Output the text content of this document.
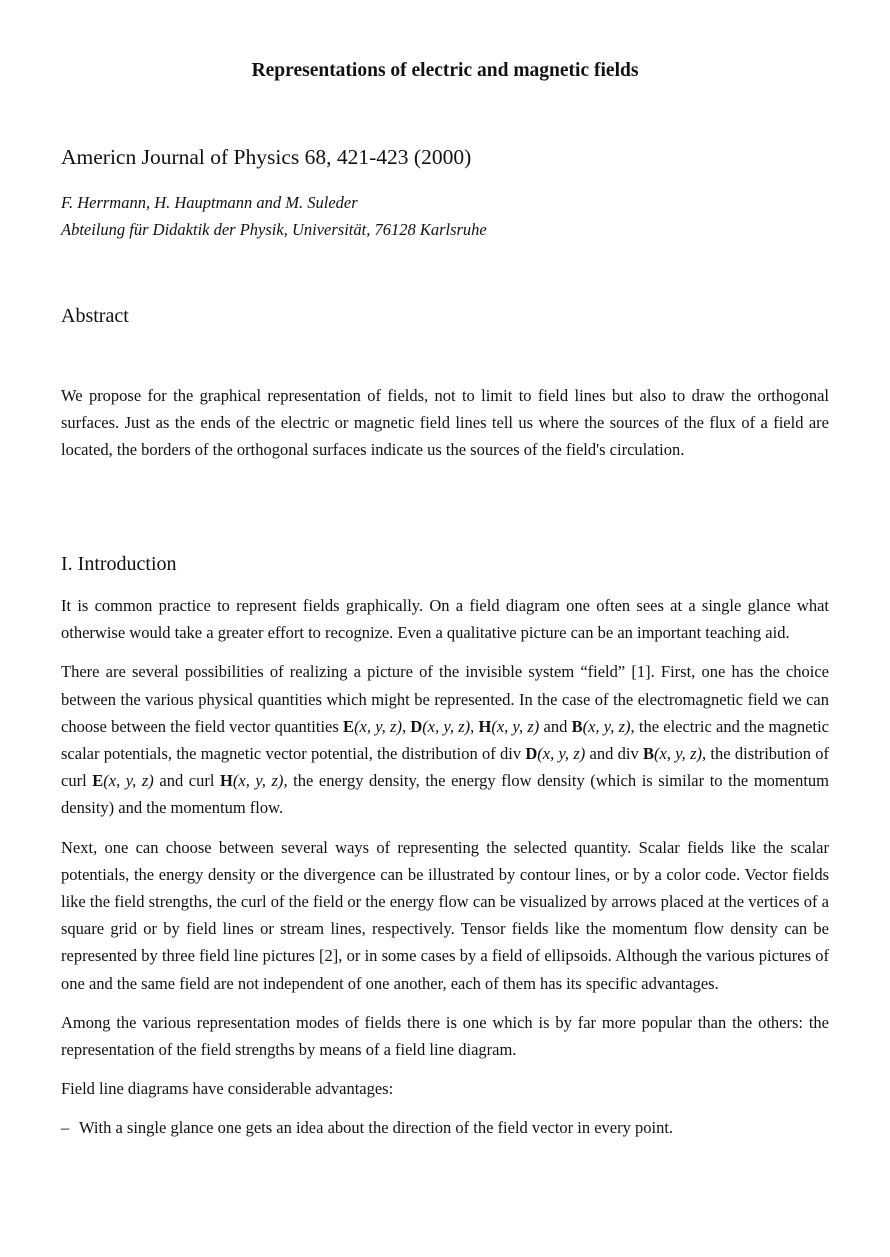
Representations of electric and magnetic fields

Americn Journal of Physics 68, 421-423 (2000)

F. Herrmann, H. Hauptmann and M. Suleder

Abteilung für Didaktik der Physik, Universität, 76128 Karlsruhe

Abstract

We propose for the graphical representation of fields, not to limit to field lines but also to draw the orthogonal surfaces. Just as the ends of the electric or magnetic field lines tell us where the sources of the flux of a field are located, the borders of the orthogonal surfaces indicate us the sources of the field's circulation.

I. Introduction

It is common practice to represent fields graphically. On a field diagram one often sees at a single glance what otherwise would take a greater effort to recognize. Even a qualitative picture can be an important teaching aid.

There are several possibilities of realizing a picture of the invisible system “field” [1]. First, one has the choice between the various physical quantities which might be represented. In the case of the electromagnetic field we can choose between the field vector quantities E(x, y, z), D(x, y, z), H(x, y, z) and B(x, y, z), the electric and the magnetic scalar potentials, the magnetic vector potential, the distribution of div D(x, y, z) and div B(x, y, z), the distribution of curl E(x, y, z) and curl H(x, y, z), the energy density, the energy flow density (which is similar to the momentum density) and the momentum flow.

Next, one can choose between several ways of representing the selected quantity. Scalar fields like the scalar potentials, the energy density or the divergence can be illustrated by contour lines, or by a color code. Vector fields like the field strengths, the curl of the field or the energy flow can be visualized by arrows placed at the vertices of a square grid or by field lines or stream lines, respectively. Tensor fields like the momentum flow density can be represented by three field line pictures [2], or in some cases by a field of ellipsoids. Although the various pictures of one and the same field are not independent of one another, each of them has its specific advantages.

Among the various representation modes of fields there is one which is by far more popular than the others: the representation of the field strengths by means of a field line diagram.

Field line diagrams have considerable advantages:

– With a single glance one gets an idea about the direction of the field vector in every point.
